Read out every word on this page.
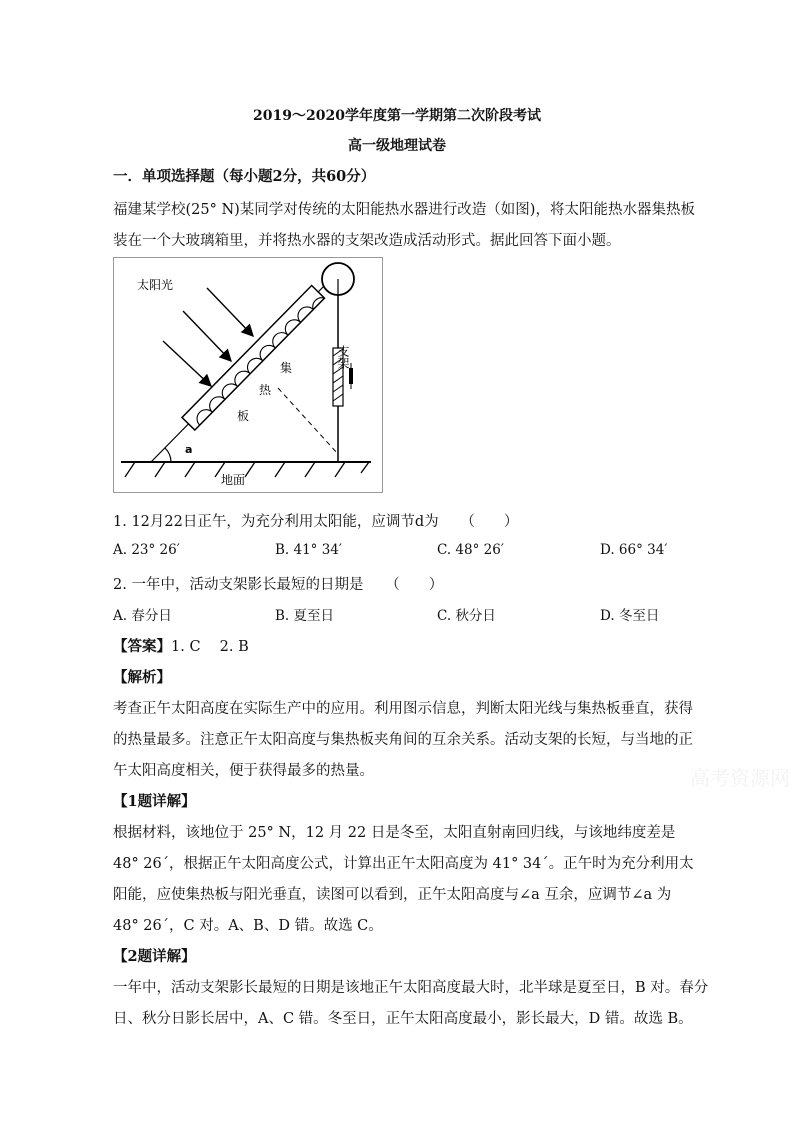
2019～2020学年度第一学期第二次阶段考试
高一级地理试卷
一．单项选择题（每小题2分，共60分）
福建某学校(25° N)某同学对传统的太阳能热水器进行改造（如图)，将太阳能热水器集热板
装在一个大玻璃箱里，并将热水器的支架改造成活动形式。据此回答下面小题。
太阳光
支架
集
热
板
a
地面
1. 12月22日正午，为充分利用太阳能，应调节d为　　（　　）
A. 23° 26′	B. 41° 34′	C. 48° 26′	D. 66° 34′
2. 一年中，活动支架影长最短的日期是　　（　　）
A. 春分日	B. 夏至日	C. 秋分日	D. 冬至日
【答案】1. C　 2. B
【解析】
考查正午太阳高度在实际生产中的应用。利用图示信息，判断太阳光线与集热板垂直，获得
的热量最多。注意正午太阳高度与集热板夹角间的互余关系。活动支架的长短，与当地的正
午太阳高度相关，便于获得最多的热量。	高考资源网
【1题详解】
根据材料，该地位于 25° N，12 月 22 日是冬至，太阳直射南回归线，与该地纬度差是
48° 26´，根据正午太阳高度公式，计算出正午太阳高度为 41° 34´。正午时为充分利用太
阳能，应使集热板与阳光垂直，读图可以看到，正午太阳高度与∠a 互余，应调节∠a 为
48° 26´，C 对。A、B、D 错。故选 C。
【2题详解】
一年中，活动支架影长最短的日期是该地正午太阳高度最大时，北半球是夏至日，B 对。春分
日、秋分日影长居中，A、C 错。冬至日，正午太阳高度最小，影长最大，D 错。故选 B。
